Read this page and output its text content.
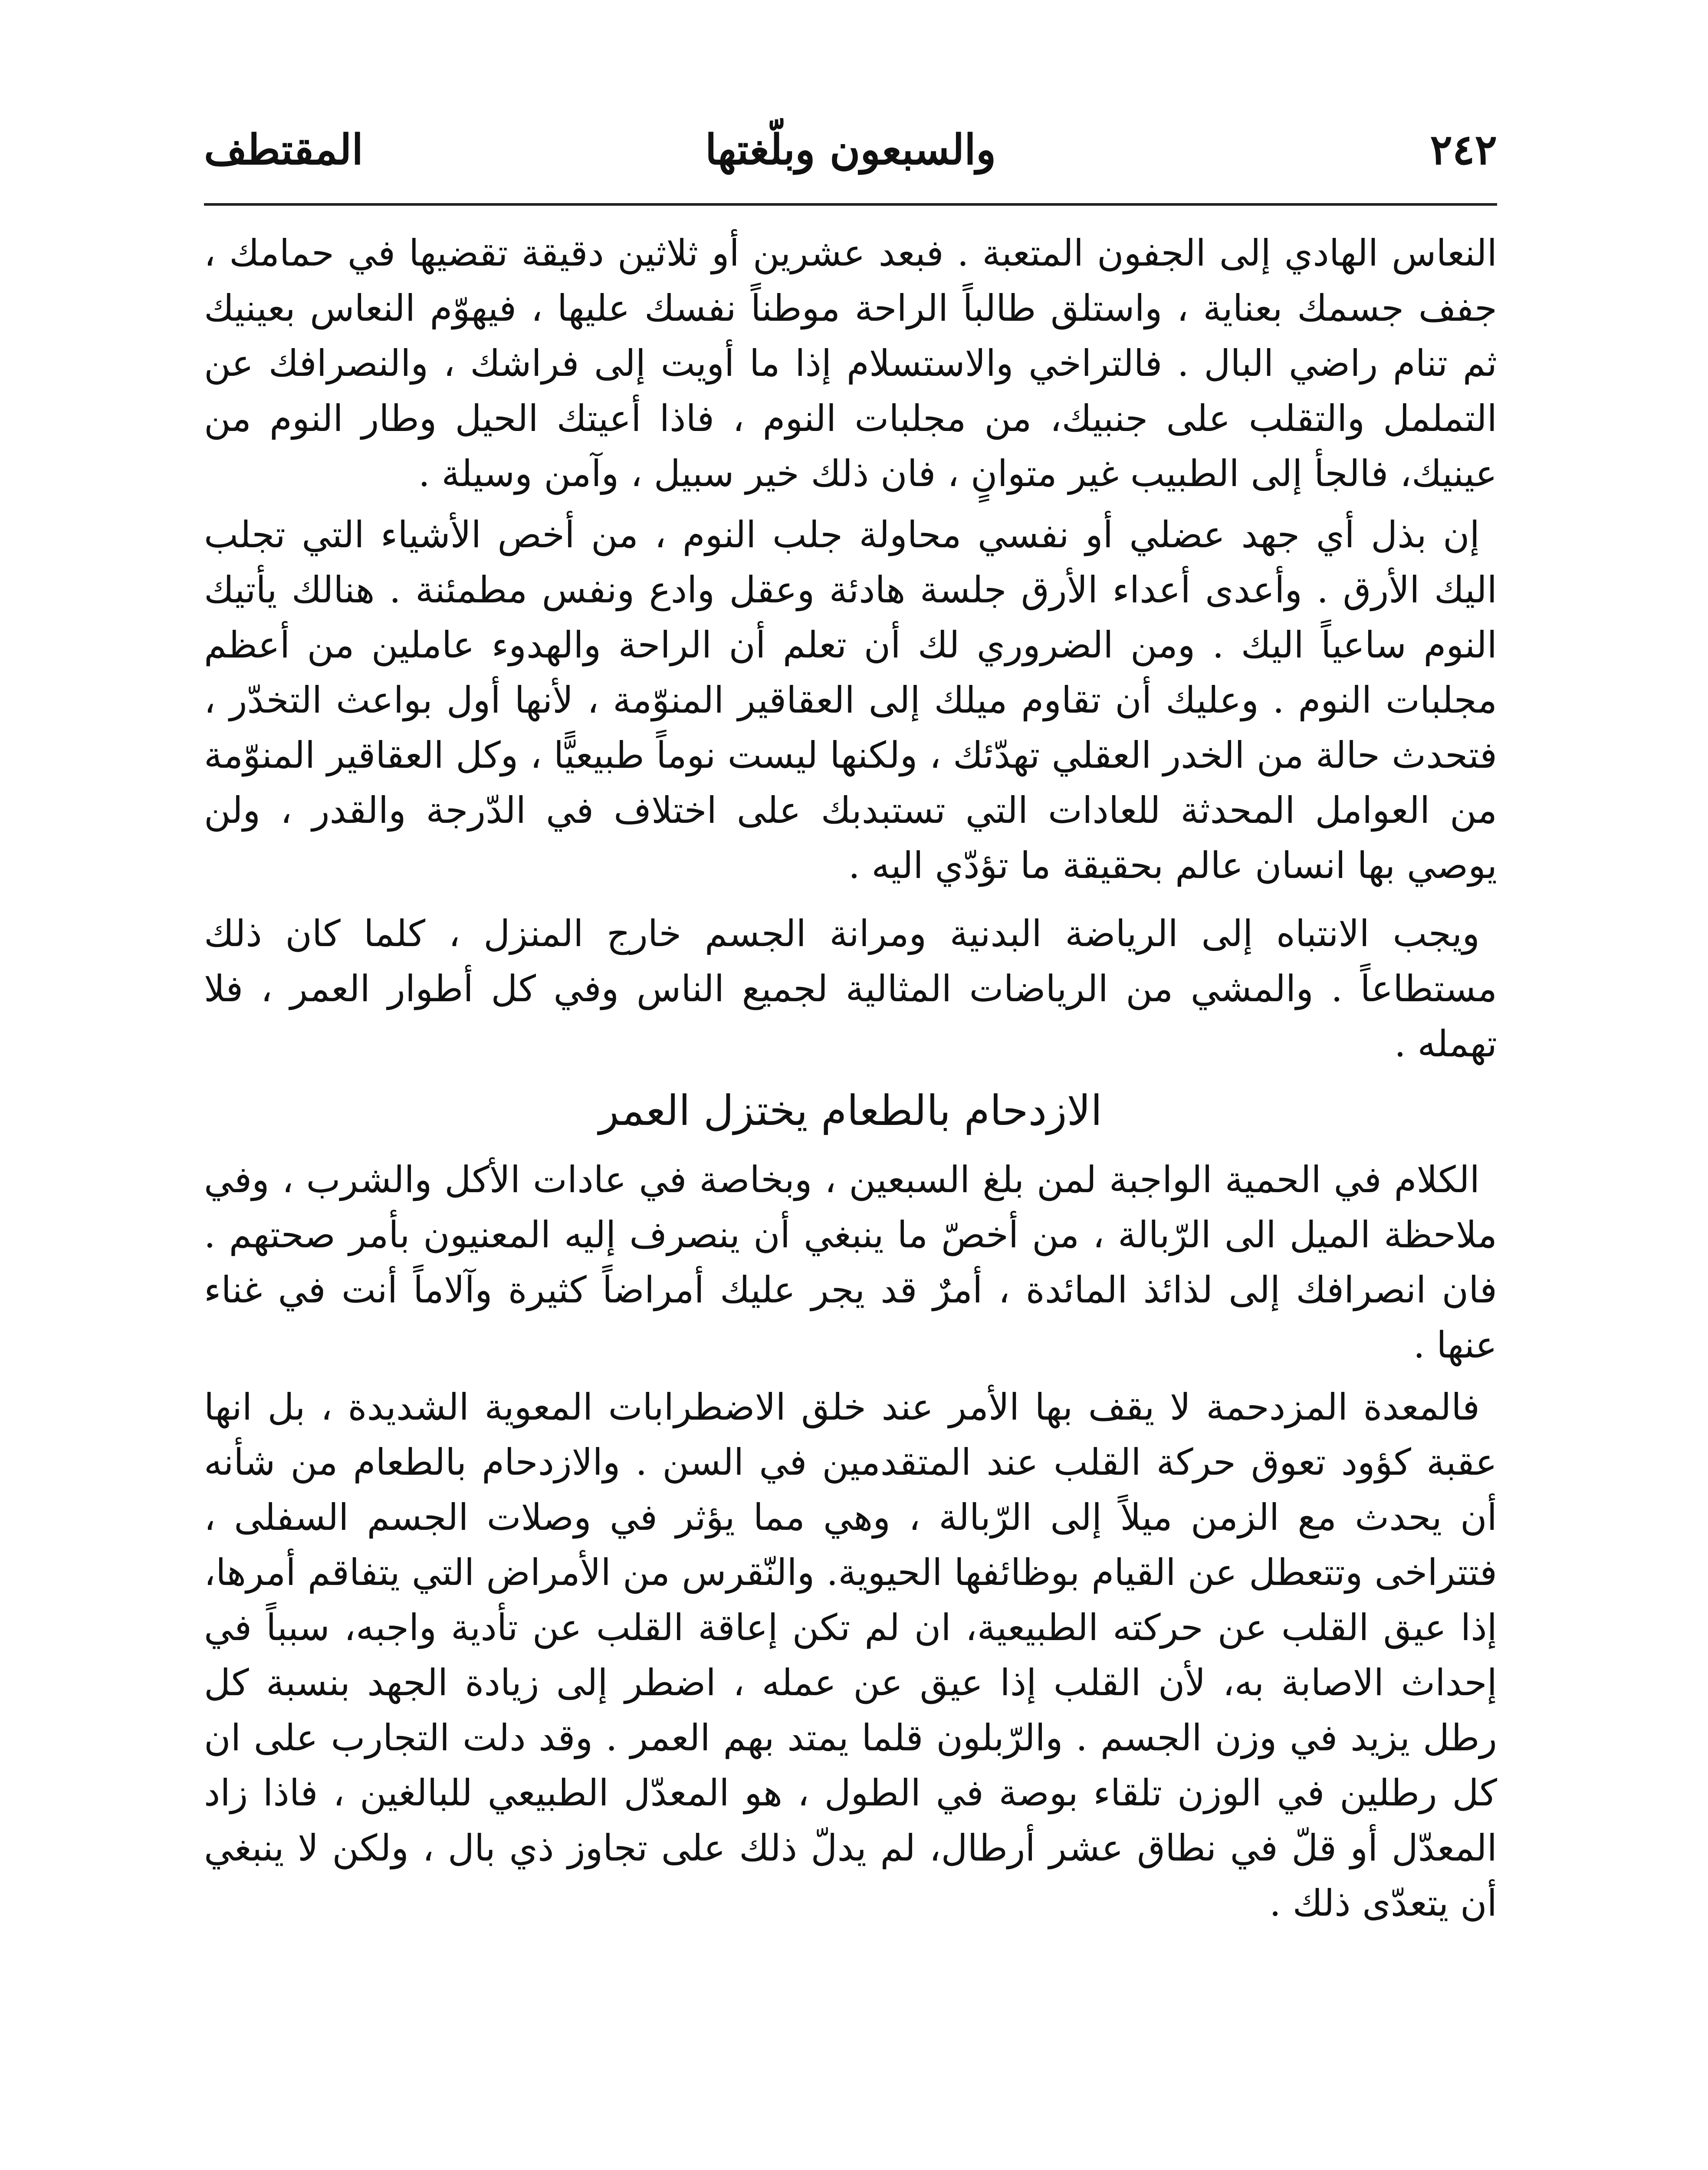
٢٤٢
والسبعون وبلّغتها
المقتطف

النعاس الهادي إلى الجفون المتعبة . فبعد عشرين أو ثلاثين دقيقة تقضيها في حمامك ، جفف جسمك بعناية ، واستلق طالباً الراحة موطناً نفسك عليها ، فيهوّم النعاس بعينيك ثم تنام راضي البال . فالتراخي والاستسلام إذا ما أويت إلى فراشك ، والنصرافك عن التململ والتقلب على جنبيك، من مجلبات النوم ، فاذا أعيتك الحيل وطار النوم من عينيك، فالجأ إلى الطبيب غير متوانٍ ، فان ذلك خير سبيل ، وآمن وسيلة .

إن بذل أي جهد عضلي أو نفسي محاولة جلب النوم ، من أخص الأشياء التي تجلب اليك الأرق . وأعدى أعداء الأرق جلسة هادئة وعقل وادع ونفس مطمئنة . هنالك يأتيك النوم ساعياً اليك . ومن الضروري لك أن تعلم أن الراحة والهدوء عاملين من أعظم مجلبات النوم . وعليك أن تقاوم ميلك إلى العقاقير المنوّمة ، لأنها أول بواعث التخدّر ، فتحدث حالة من الخدر العقلي تهدّئك ، ولكنها ليست نوماً طبيعيًّا ، وكل العقاقير المنوّمة من العوامل المحدثة للعادات التي تستبدبك على اختلاف في الدّرجة والقدر ، ولن يوصي بها انسان عالم بحقيقة ما تؤدّي اليه .

ويجب الانتباه إلى الرياضة البدنية ومرانة الجسم خارج المنزل ، كلما كان ذلك مستطاعاً . والمشي من الرياضات المثالية لجميع الناس وفي كل أطوار العمر ، فلا تهمله .

الازدحام بالطعام يختزل العمر

الكلام في الحمية الواجبة لمن بلغ السبعين ، وبخاصة في عادات الأكل والشرب ، وفي ملاحظة الميل الى الرّبالة ، من أخصّ ما ينبغي أن ينصرف إليه المعنيون بأمر صحتهم . فان انصرافك إلى لذائذ المائدة ، أمرٌ قد يجر عليك أمراضاً كثيرة وآلاماً أنت في غناء عنها .

فالمعدة المزدحمة لا يقف بها الأمر عند خلق الاضطرابات المعوية الشديدة ، بل انها عقبة كؤود تعوق حركة القلب عند المتقدمين في السن . والازدحام بالطعام من شأنه أن يحدث مع الزمن ميلاً إلى الرّبالة ، وهي مما يؤثر في وصلات الجسم السفلى ، فتتراخى وتتعطل عن القيام بوظائفها الحيوية. والنّقرس من الأمراض التي يتفاقم أمرها، إذا عيق القلب عن حركته الطبيعية، ان لم تكن إعاقة القلب عن تأدية واجبه، سبباً في إحداث الاصابة به، لأن القلب إذا عيق عن عمله ، اضطر إلى زيادة الجهد بنسبة كل رطل يزيد في وزن الجسم . والرّبلون قلما يمتد بهم العمر . وقد دلت التجارب على ان كل رطلين في الوزن تلقاء بوصة في الطول ، هو المعدّل الطبيعي للبالغين ، فاذا زاد المعدّل أو قلّ في نطاق عشر أرطال، لم يدلّ ذلك على تجاوز ذي بال ، ولكن لا ينبغي أن يتعدّى ذلك .
